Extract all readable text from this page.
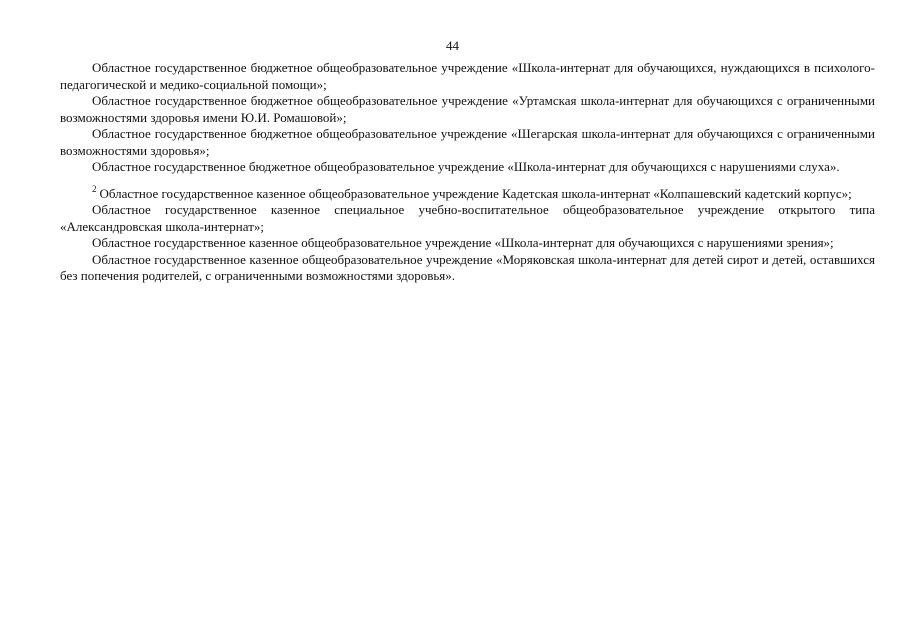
44

Областное государственное бюджетное общеобразовательное учреждение «Школа-интернат для обучающихся, нуждающихся в психолого-педагогической и медико-социальной помощи»;

Областное государственное бюджетное общеобразовательное учреждение «Уртамская школа-интернат для обучающихся с ограниченными возможностями здоровья имени Ю.И. Ромашовой»;

Областное государственное бюджетное общеобразовательное учреждение «Шегарская школа-интернат для обучающихся с ограниченными возможностями здоровья»;

Областное государственное бюджетное общеобразовательное учреждение «Школа-интернат для обучающихся с нарушениями слуха».

$^2$ Областное государственное казенное общеобразовательное учреждение Кадетская школа-интернат «Колпашевский кадетский корпус»;

Областное государственное казенное специальное учебно-воспитательное общеобразовательное учреждение открытого типа «Александровская школа-интернат»;

Областное государственное казенное общеобразовательное учреждение «Школа-интернат для обучающихся с нарушениями зрения»;

Областное государственное казенное общеобразовательное учреждение «Моряковская школа-интернат для детей сирот и детей, оставшихся без попечения родителей, с ограниченными возможностями здоровья».
